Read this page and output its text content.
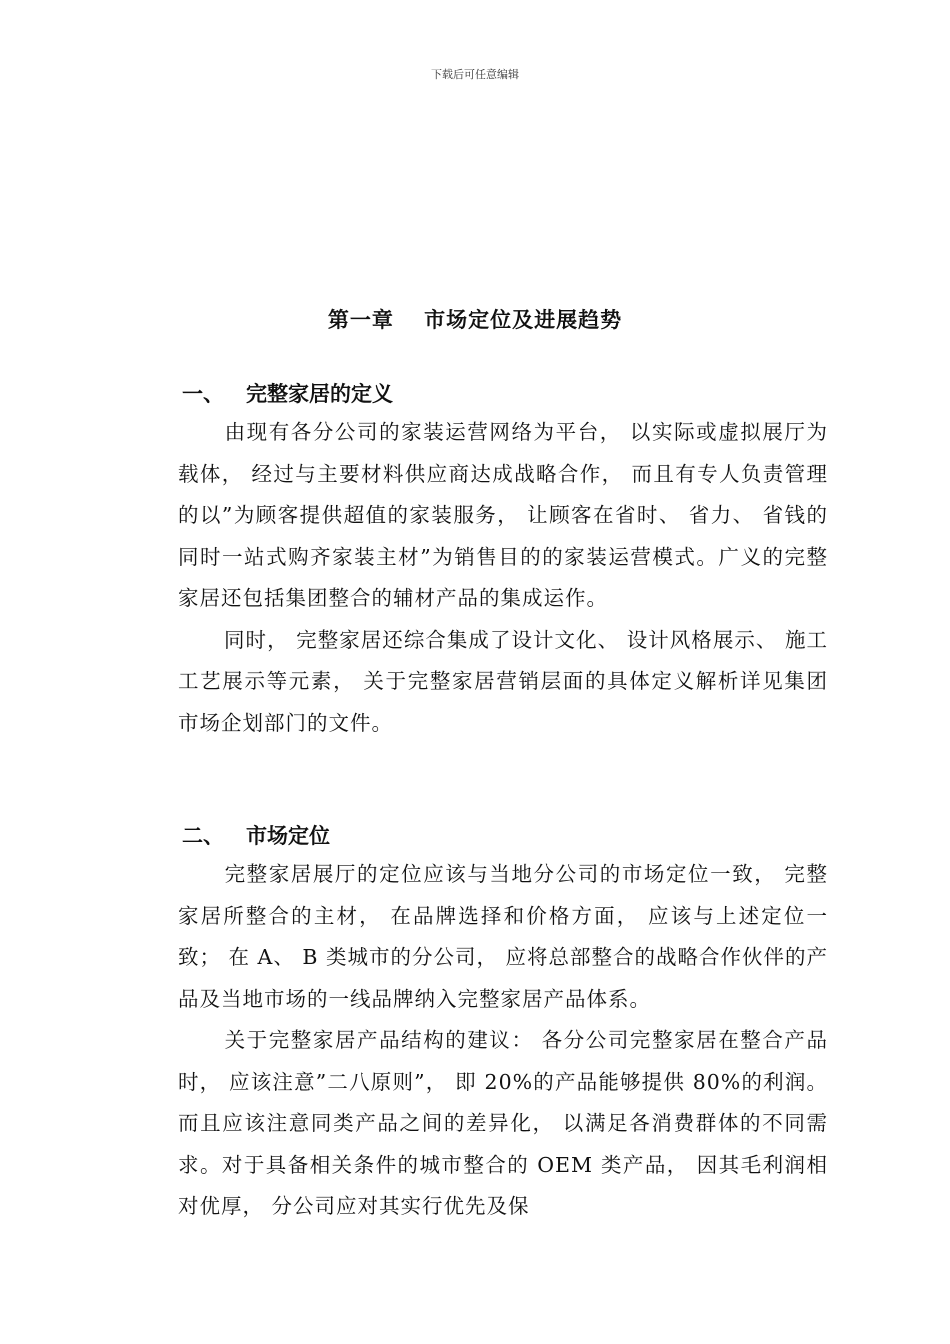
下载后可任意编辑
第一章　 市场定位及进展趋势
一、 完整家居的定义

由现有各分公司的家装运营网络为平台， 以实际或虚拟展厅为载体， 经过与主要材料供应商达成战略合作， 而且有专人负责管理的以”为顾客提供超值的家装服务， 让顾客在省时、 省力、 省钱的同时一站式购齐家装主材”为销售目的的家装运营模式。广义的完整家居还包括集团整合的辅材产品的集成运作。

同时， 完整家居还综合集成了设计文化、 设计风格展示、 施工工艺展示等元素， 关于完整家居营销层面的具体定义解析详见集团市场企划部门的文件。

二、 市场定位

完整家居展厅的定位应该与当地分公司的市场定位一致， 完整家居所整合的主材， 在品牌选择和价格方面， 应该与上述定位一致； 在 A、 B 类城市的分公司， 应将总部整合的战略合作伙伴的产品及当地市场的一线品牌纳入完整家居产品体系。

关于完整家居产品结构的建议： 各分公司完整家居在整合产品时， 应该注意”二八原则”， 即 20%的产品能够提供 80%的利润。而且应该注意同类产品之间的差异化， 以满足各消费群体的不同需求。对于具备相关条件的城市整合的 OEM 类产品， 因其毛利润相对优厚， 分公司应对其实行优先及保
